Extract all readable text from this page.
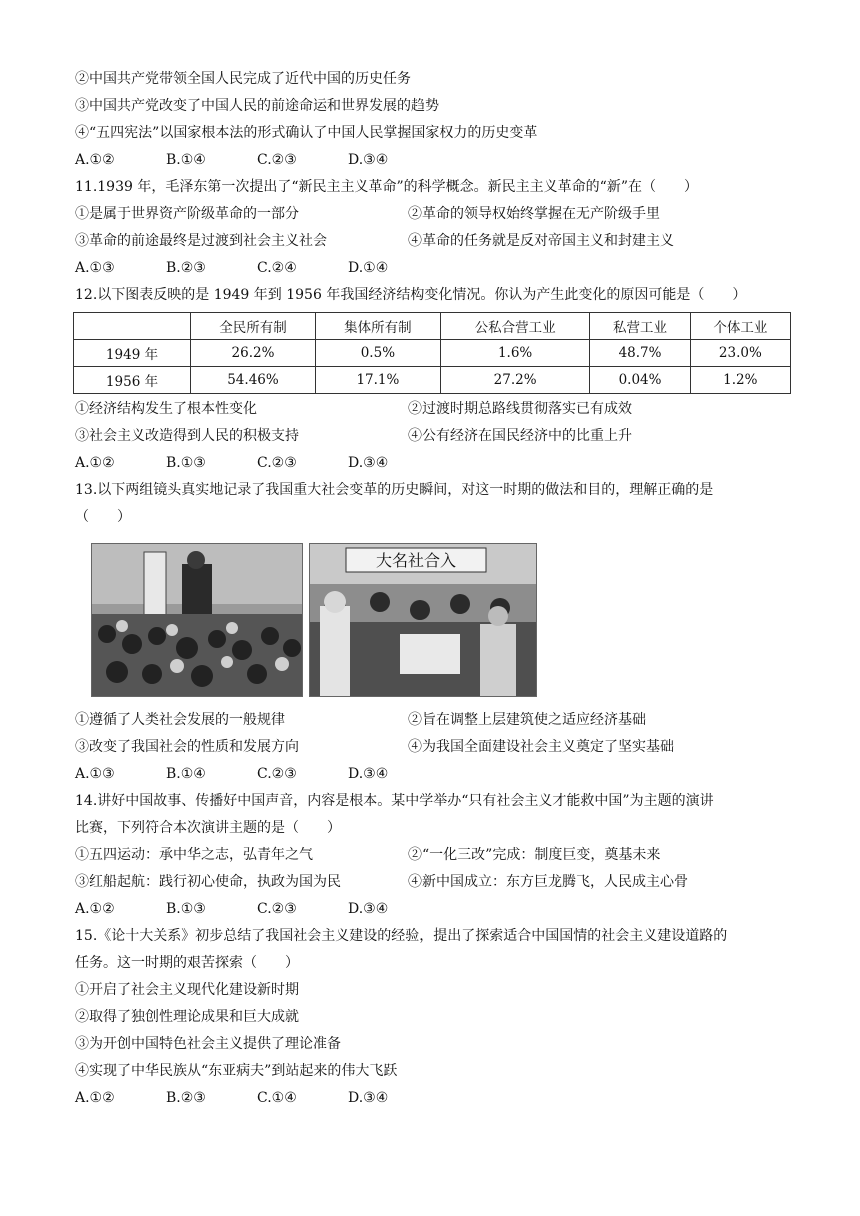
②中国共产党带领全国人民完成了近代中国的历史任务
③中国共产党改变了中国人民的前途命运和世界发展的趋势
④“五四宪法”以国家根本法的形式确认了中国人民掌握国家权力的历史变革
A.①②	B.①④	C.②③	D.③④
11.1939 年，毛泽东第一次提出了“新民主主义革命”的科学概念。新民主主义革命的“新”在（　　）
①是属于世界资产阶级革命的一部分	②革命的领导权始终掌握在无产阶级手里
③革命的前途最终是过渡到社会主义社会	④革命的任务就是反对帝国主义和封建主义
A.①③	B.②③	C.②④	D.①④
12.以下图表反映的是 1949 年到 1956 年我国经济结构变化情况。你认为产生此变化的原因可能是（　　）
	全民所有制	集体所有制	公私合营工业	私营工业	个体工业
1949 年	26.2%	0.5%	1.6%	48.7%	23.0%
1956 年	54.46%	17.1%	27.2%	0.04%	1.2%
①经济结构发生了根本性变化	②过渡时期总路线贯彻落实已有成效
③社会主义改造得到人民的积极支持	④公有经济在国民经济中的比重上升
A.①②	B.①③	C.②③	D.③④
13.以下两组镜头真实地记录了我国重大社会变革的历史瞬间，对这一时期的做法和目的，理解正确的是
（　　）
大名社合入
①遵循了人类社会发展的一般规律	②旨在调整上层建筑使之适应经济基础
③改变了我国社会的性质和发展方向	④为我国全面建设社会主义奠定了坚实基础
A.①③	B.①④	C.②③	D.③④
14.讲好中国故事、传播好中国声音，内容是根本。某中学举办“只有社会主义才能救中国”为主题的演讲
比赛，下列符合本次演讲主题的是（　　）
①五四运动：承中华之志，弘青年之气	②“一化三改”完成：制度巨变，奠基未来
③红船起航：践行初心使命，执政为国为民	④新中国成立：东方巨龙腾飞，人民成主心骨
A.①②	B.①③	C.②③	D.③④
15.《论十大关系》初步总结了我国社会主义建设的经验，提出了探索适合中国国情的社会主义建设道路的
任务。这一时期的艰苦探索（　　）
①开启了社会主义现代化建设新时期
②取得了独创性理论成果和巨大成就
③为开创中国特色社会主义提供了理论准备
④实现了中华民族从“东亚病夫”到站起来的伟大飞跃
A.①②	B.②③	C.①④	D.③④
